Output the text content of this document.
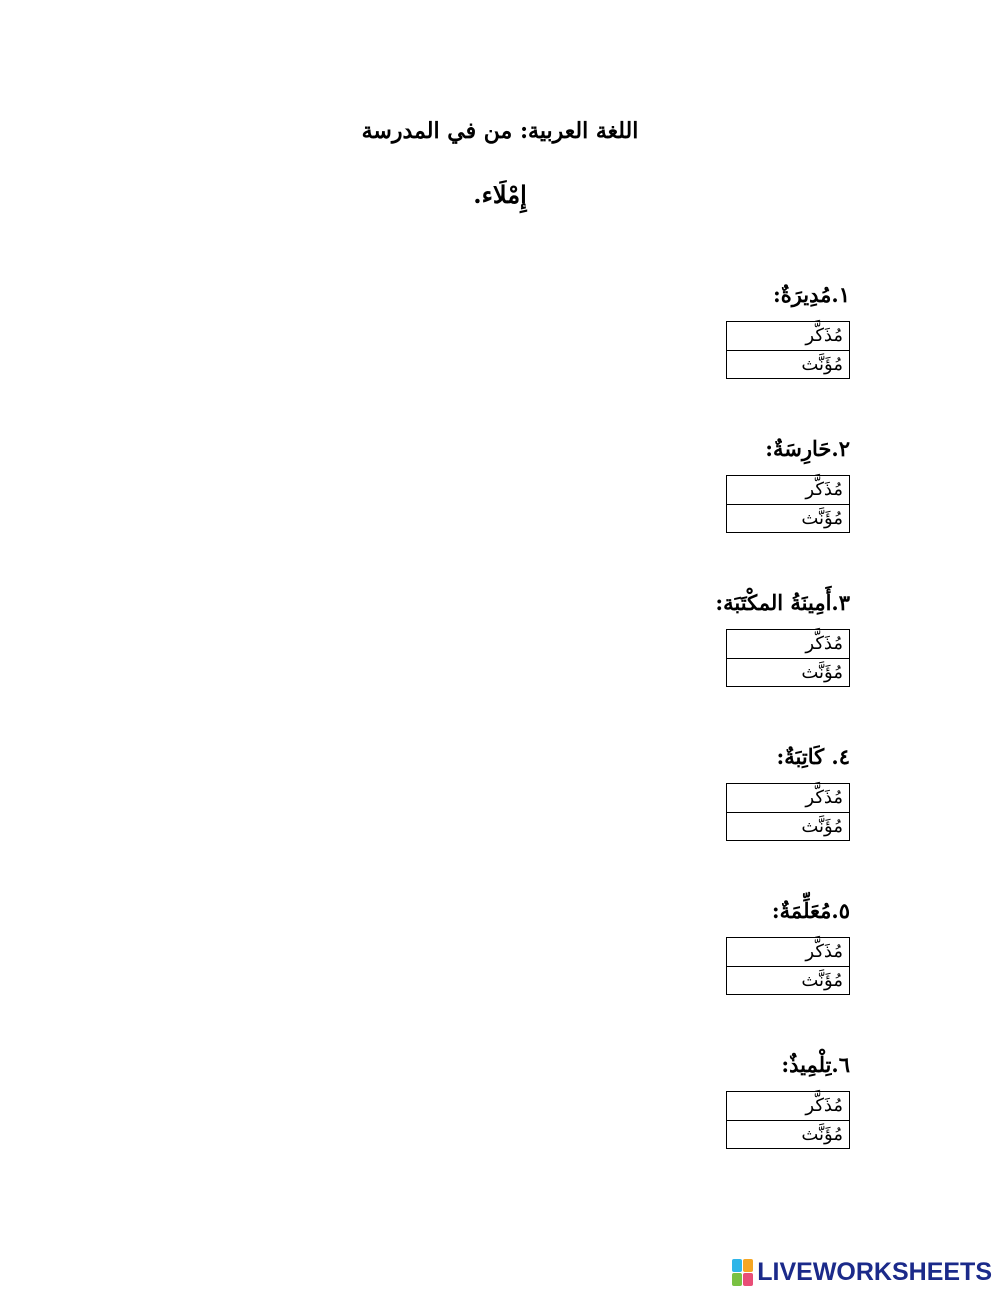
اللغة العربية: من في المدرسة
إِمْلَاء.
١.مُدِيرَةٌ:
مُذَكَّر
مُؤَنَّث
٢.حَارِسَةٌ:
مُذَكَّر
مُؤَنَّث
٣.أَمِينَةُ المكْتَبَة:
مُذَكَّر
مُؤَنَّث
٤. كَاتِبَةٌ:
مُذَكَّر
مُؤَنَّث
٥.مُعَلِّمَةٌ:
مُذَكَّر
مُؤَنَّث
٦.تِلْمِيذٌ:
مُذَكَّر
مُؤَنَّث
LIVEWORKSHEETS
